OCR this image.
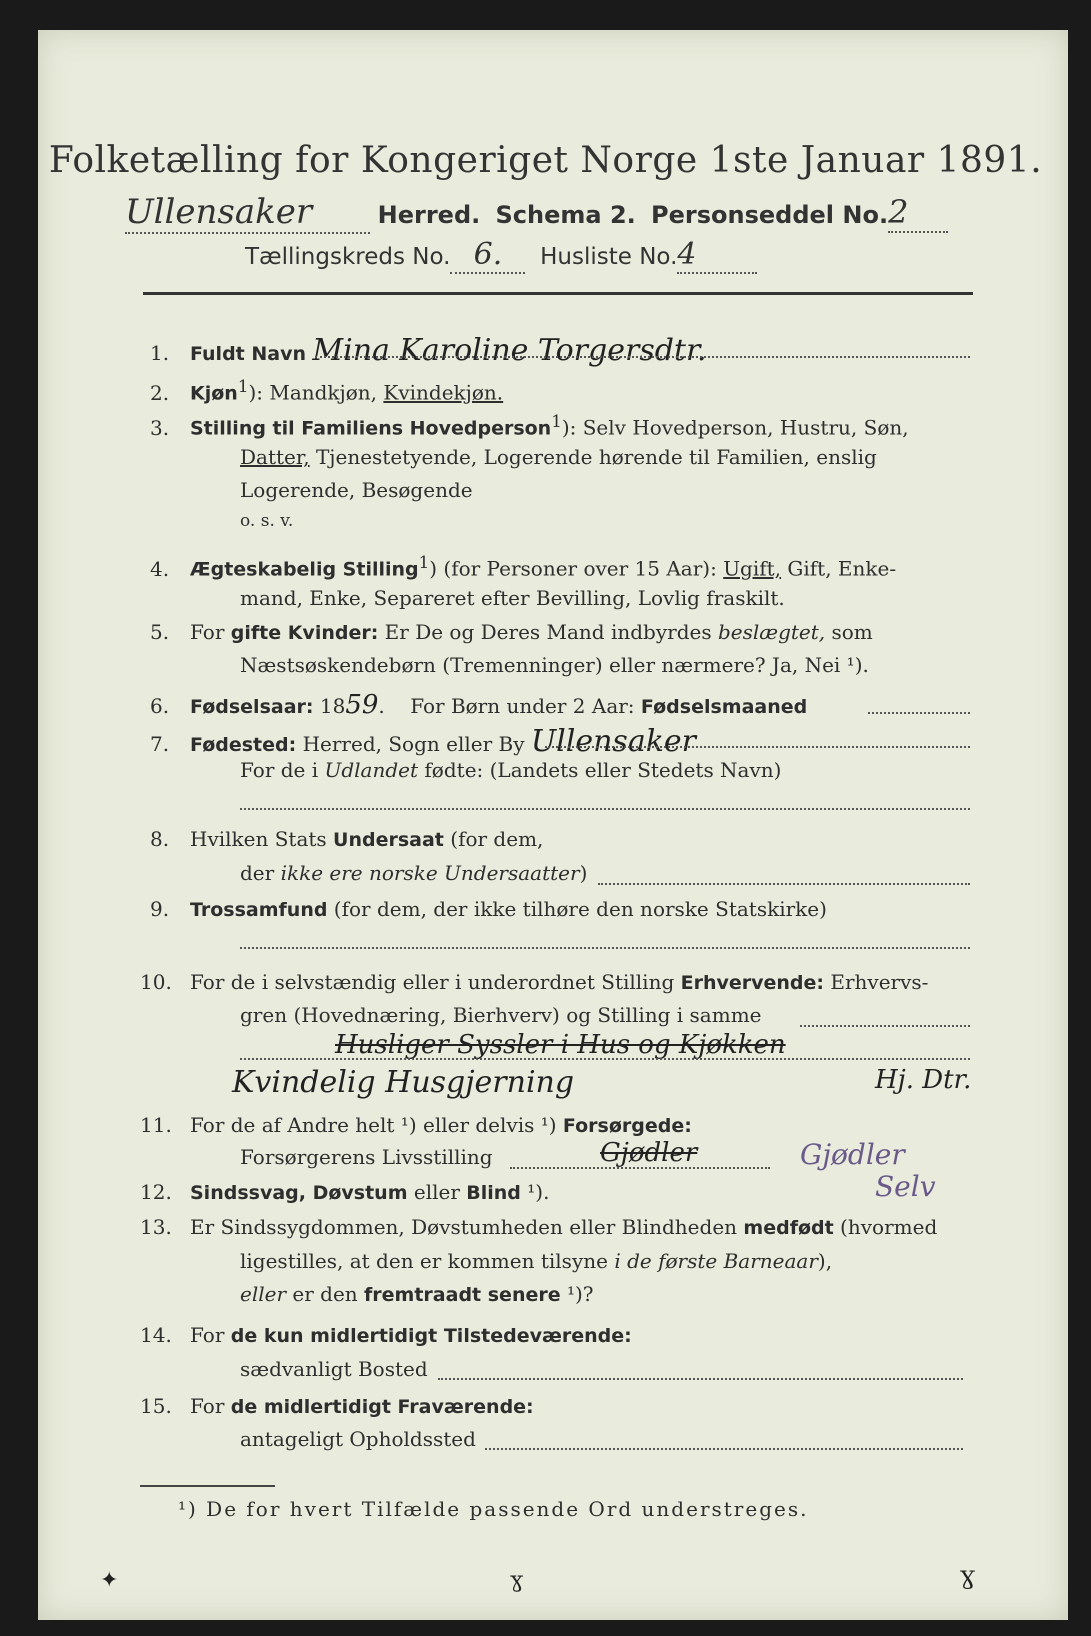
Folketælling for Kongeriget Norge 1ste Januar 1891.
Ullensaker	Herred. Schema 2. Personseddel No.2
Tællingskreds No. 6. Husliste No.4
1. Fuldt Navn Mina Karoline Torgersdtr.
2. Kjøn$^1$): Mandkjøn, Kvindekjøn.
3. Stilling til Familiens Hovedperson$^1$): Selv Hovedperson, Hustru, Søn,
Datter, Tjenestetyende, Logerende hørende til Familien, enslig
Logerende, Besøgende
o. s. v.
4. Ægteskabelig Stilling$^1$) (for Personer over 15 Aar): Ugift, Gift, Enke-
mand, Enke, Separeret efter Bevilling, Lovlig fraskilt.
5. For gifte Kvinder: Er De og Deres Mand indbyrdes beslægtet, som
Næstsøskendebørn (Tremenninger) eller nærmere? Ja, Nei ¹).
6. Fødselsaar: 1859.    For Børn under 2 Aar: Fødselsmaaned
7. Fødested: Herred, Sogn eller By Ullensaker
For de i Udlandet fødte: (Landets eller Stedets Navn)
8. Hvilken Stats Undersaat (for dem,
der ikke ere norske Undersaatter)
9. Trossamfund (for dem, der ikke tilhøre den norske Statskirke)
10. For de i selvstændig eller i underordnet Stilling Erhvervende: Erhvervs-
gren (Hovednæring, Bierhverv) og Stilling i samme
Husliger Syssler i Hus og Kjøkken
Kvindelig Husgjerning	Hj. Dtr.
11. For de af Andre helt ¹) eller delvis ¹) Forsørgede:
Forsørgerens Livsstilling	Gjødler	Gjødler
Selv
12. Sindssvag, Døvstum eller Blind ¹).
13. Er Sindssygdommen, Døvstumheden eller Blindheden medfødt (hvormed
ligestilles, at den er kommen tilsyne i de første Barneaar),
eller er den fremtraadt senere ¹)?
14. For de kun midlertidigt Tilstedeværende:
sædvanligt Bosted
15. For de midlertidigt Fraværende:
antageligt Opholdssted
¹) De for hvert Tilfælde passende Ord understreges.
✦	ɣ	Ɣ
